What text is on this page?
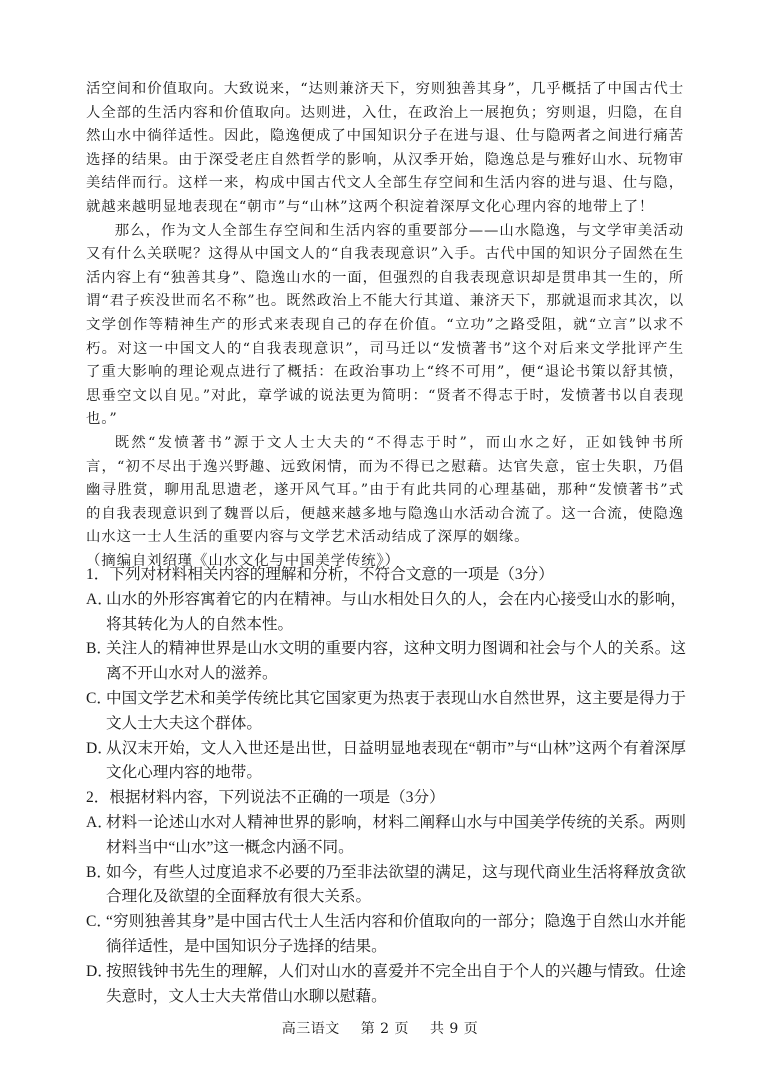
活空间和价值取向。大致说来，“达则兼济天下，穷则独善其身”，几乎概括了中国古代士人全部的生活内容和价值取向。达则进，入仕，在政治上一展抱负；穷则退，归隐，在自然山水中徜徉适性。因此，隐逸便成了中国知识分子在进与退、仕与隐两者之间进行痛苦选择的结果。由于深受老庄自然哲学的影响，从汉季开始，隐逸总是与雅好山水、玩物审美结伴而行。这样一来，构成中国古代文人全部生存空间和生活内容的进与退、仕与隐，就越来越明显地表现在“朝市”与“山林”这两个积淀着深厚文化心理内容的地带上了！

那么，作为文人全部生存空间和生活内容的重要部分——山水隐逸，与文学审美活动又有什么关联呢？这得从中国文人的“自我表现意识”入手。古代中国的知识分子固然在生活内容上有“独善其身”、隐逸山水的一面，但强烈的自我表现意识却是贯串其一生的，所谓“君子疾没世而名不称”也。既然政治上不能大行其道、兼济天下，那就退而求其次，以文学创作等精神生产的形式来表现自己的存在价值。“立功”之路受阻，就“立言”以求不朽。对这一中国文人的“自我表现意识”，司马迁以“发愤著书”这个对后来文学批评产生了重大影响的理论观点进行了概括：在政治事功上“终不可用”，便“退论书策以舒其愤，思垂空文以自见。”对此，章学诚的说法更为简明：“贤者不得志于时，发愤著书以自表现也。”

既然“发愤著书”源于文人士大夫的“不得志于时”，而山水之好，正如钱钟书所言，“初不尽出于逸兴野趣、远致闲情，而为不得已之慰藉。达官失意，宦士失职，乃倡幽寻胜赏，聊用乱思遗老，遂开风气耳。”由于有此共同的心理基础，那种“发愤著书”式的自我表现意识到了魏晋以后，便越来越多地与隐逸山水活动合流了。这一合流，使隐逸山水这一士人生活的重要内容与文学艺术活动结成了深厚的姻缘。

（摘编自刘绍瑾《山水文化与中国美学传统》）

1．下列对材料相关内容的理解和分析，不符合文意的一项是（3分）

A．
山水的外形容寓着它的内在精神。与山水相处日久的人，会在内心接受山水的影响，将其转化为人的自然本性。
B．
关注人的精神世界是山水文明的重要内容，这种文明力图调和社会与个人的关系。这离不开山水对人的滋养。
C．
中国文学艺术和美学传统比其它国家更为热衷于表现山水自然世界，这主要是得力于文人士大夫这个群体。
D．
从汉末开始，文人入世还是出世，日益明显地表现在“朝市”与“山林”这两个有着深厚文化心理内容的地带。

2．根据材料内容，下列说法不正确的一项是（3分）

A．
材料一论述山水对人精神世界的影响，材料二阐释山水与中国美学传统的关系。两则材料当中“山水”这一概念内涵不同。
B．
如今，有些人过度追求不必要的乃至非法欲望的满足，这与现代商业生活将释放贪欲合理化及欲望的全面释放有很大关系。
C．
“穷则独善其身”是中国古代士人生活内容和价值取向的一部分；隐逸于自然山水并能徜徉适性，是中国知识分子选择的结果。
D．
按照钱钟书先生的理解，人们对山水的喜爱并不完全出自于个人的兴趣与情致。仕途失意时，文人士大夫常借山水聊以慰藉。
高三语文 第 2 页 共 9 页
